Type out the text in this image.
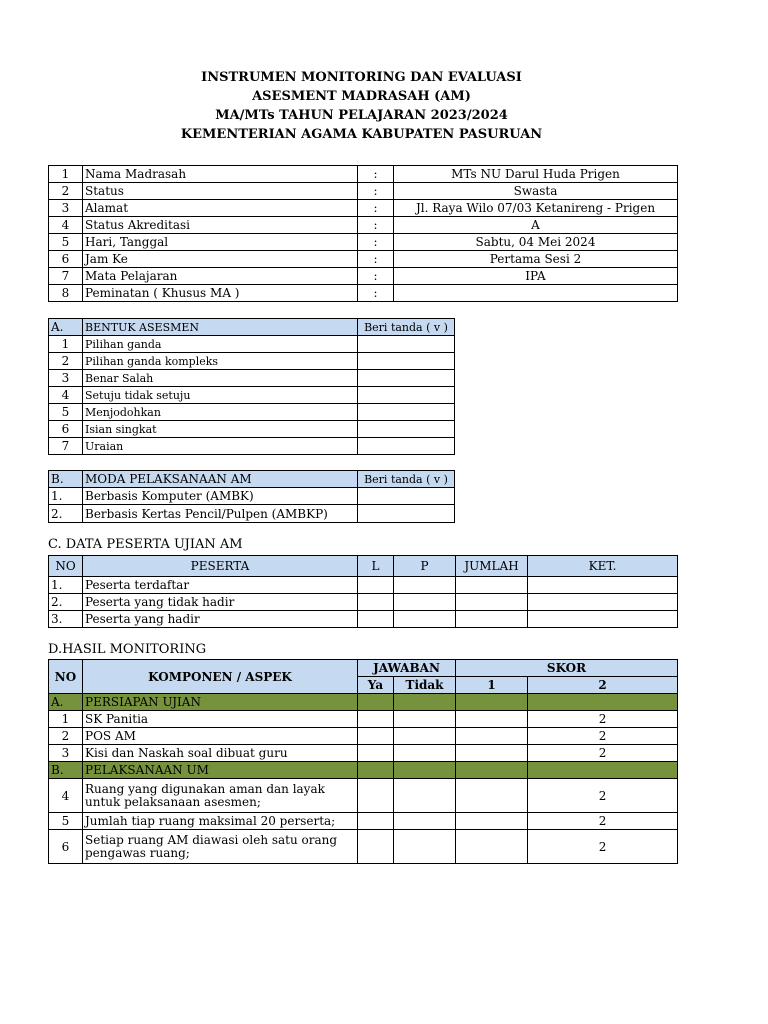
INSTRUMEN MONITORING DAN EVALUASI
ASESMENT MADRASAH (AM)
MA/MTs TAHUN PELAJARAN 2023/2024
KEMENTERIAN AGAMA KABUPATEN PASURUAN
1	Nama Madrasah	:	MTs NU Darul Huda Prigen
2	Status	:	Swasta
3	Alamat	:	Jl. Raya Wilo 07/03 Ketanireng - Prigen
4	Status Akreditasi	:	A
5	Hari, Tanggal	:	Sabtu, 04 Mei 2024
6	Jam Ke	:	Pertama Sesi 2
7	Mata Pelajaran	:	IPA
8	Peminatan ( Khusus MA )	:	
A.	BENTUK ASESMEN	Beri tanda ( v )
1	Pilihan ganda	
2	Pilihan ganda kompleks	
3	Benar Salah	
4	Setuju tidak setuju	
5	Menjodohkan	
6	Isian singkat	
7	Uraian	
B.	MODA PELAKSANAAN AM	Beri tanda ( v )
1.	Berbasis Komputer (AMBK)	
2.	Berbasis Kertas Pencil/Pulpen (AMBKP)	
C. DATA PESERTA UJIAN AM
NO	PESERTA	L	P	JUMLAH	KET.
1.	Peserta terdaftar				
2.	Peserta yang tidak hadir				
3.	Peserta yang hadir				
D.HASIL MONITORING
NO	KOMPONEN / ASPEK	JAWABAN		SKOR	
		Ya	Tidak	1	2
A.	PERSIAPAN UJIAN				
1	SK Panitia				2
2	POS AM				2
3	Kisi dan Naskah soal dibuat guru				2
B.	PELAKSANAAN UM				
4	Ruang yang digunakan aman dan layak untuk pelaksanaan asesmen;				2
5	Jumlah tiap ruang maksimal 20 perserta;				2
6	Setiap ruang AM diawasi oleh satu orang pengawas ruang;				2
